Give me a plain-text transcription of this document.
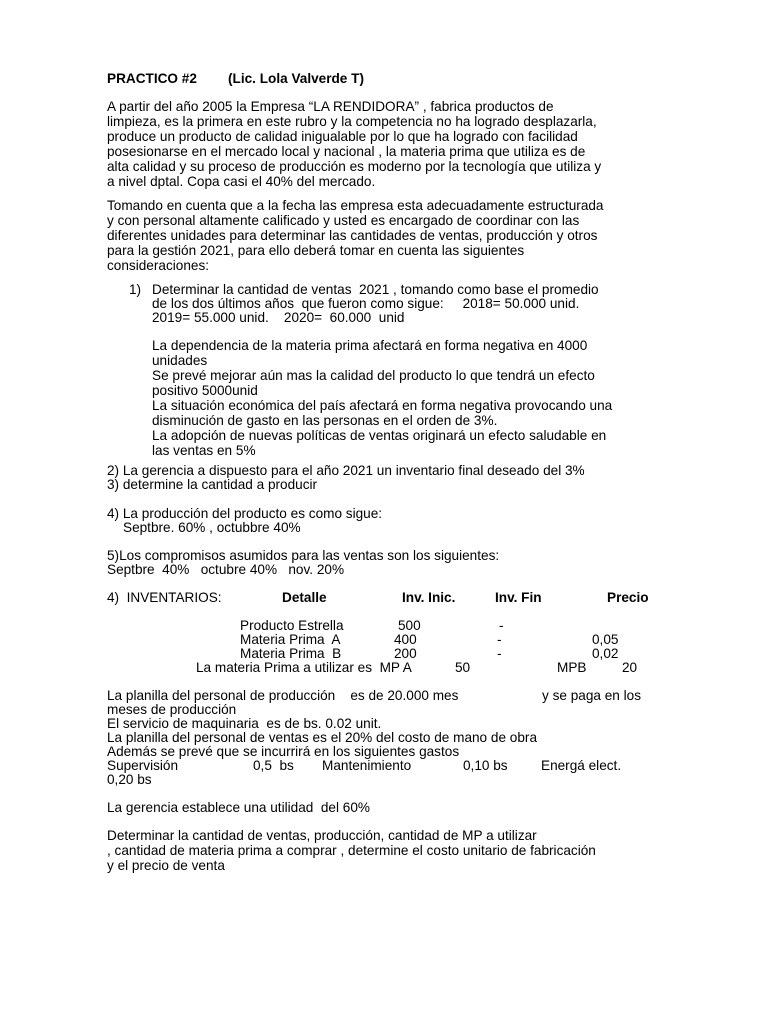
PRACTICO #2 (Lic. Lola Valverde T)
A partir del año 2005 la Empresa “LA RENDIDORA” , fabrica productos de
limpieza, es la primera en este rubro y la competencia no ha logrado desplazarla,
produce un producto de calidad inigualable por lo que ha logrado con facilidad
posesionarse en el mercado local y nacional , la materia prima que utiliza es de
alta calidad y su proceso de producción es moderno por la tecnología que utiliza y
a nivel dptal. Copa casi el 40% del mercado.
Tomando en cuenta que a la fecha las empresa esta adecuadamente estructurada
y con personal altamente calificado y usted es encargado de coordinar con las
diferentes unidades para determinar las cantidades de ventas, producción y otros
para la gestión 2021, para ello deberá tomar en cuenta las siguientes
consideraciones:
1) Determinar la cantidad de ventas  2021 , tomando como base el promedio
de los dos últimos años  que fueron como sigue:     2018= 50.000 unid.
2019= 55.000 unid.    2020=  60.000  unid
La dependencia de la materia prima afectará en forma negativa en 4000
unidades
Se prevé mejorar aún mas la calidad del producto lo que tendrá un efecto
positivo 5000unid
La situación económica del país afectará en forma negativa provocando una
disminución de gasto en las personas en el orden de 3%.
La adopción de nuevas políticas de ventas originará un efecto saludable en
las ventas en 5%
2) La gerencia a dispuesto para el año 2021 un inventario final deseado del 3%
3) determine la cantidad a producir
4) La producción del producto es como sigue:
Septbre. 60% , octubbre 40%
5)Los compromisos asumidos para las ventas son los siguientes:
Septbre  40%   octubre 40%   nov. 20%
4)  INVENTARIOS:	Detalle	Inv. Inic.	Inv. Fin	Precio
Producto Estrella	500	-
Materia Prima  A	400	-	0,05
Materia Prima  B	200	-	0,02
La materia Prima a utilizar es  MP A	50	MPB	20
La planilla del personal de producción    es de 20.000 mes	y se paga en los
meses de producción
El servicio de maquinaria  es de bs. 0.02 unit.
La planilla del personal de ventas es el 20% del costo de mano de obra
Además se prevé que se incurrirá en los siguientes gastos
Supervisión	0,5  bs Mantenimiento	0,10 bs Energá elect.
0,20 bs
La gerencia establece una utilidad  del 60%
Determinar la cantidad de ventas, producción, cantidad de MP a utilizar
, cantidad de materia prima a comprar , determine el costo unitario de fabricación
y el precio de venta
